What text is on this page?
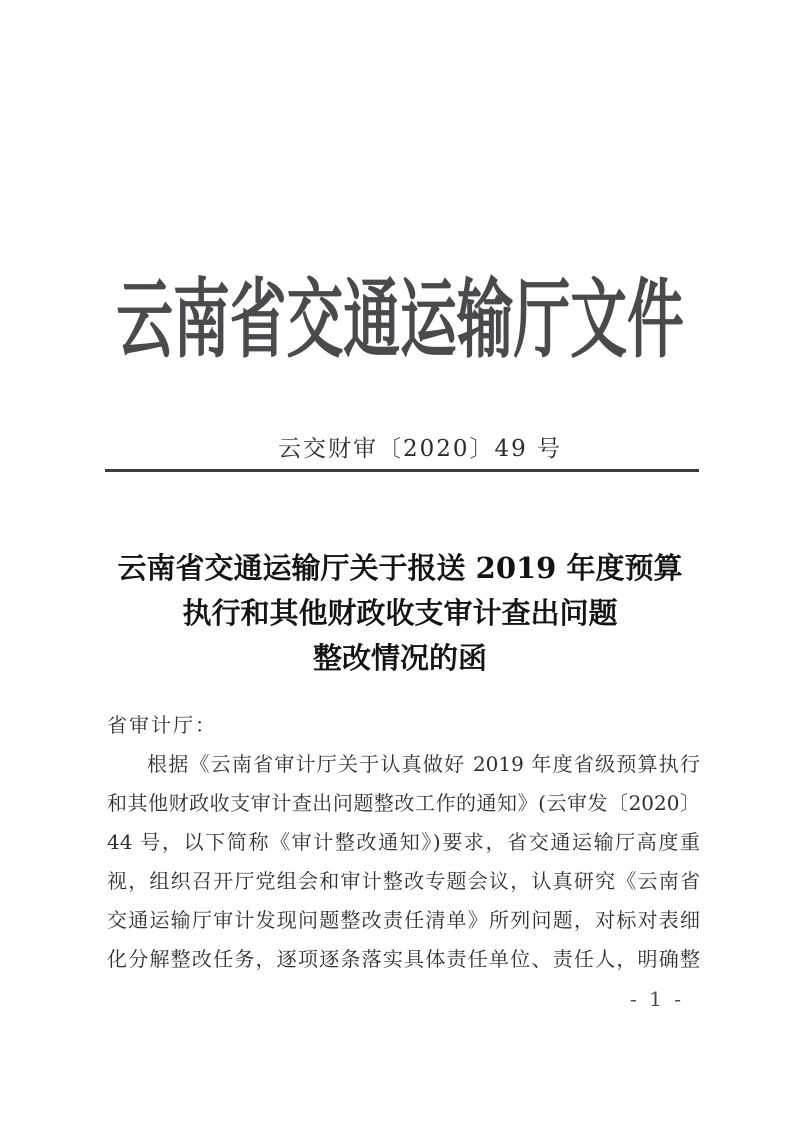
云南省交通运输厅文件
云交财审〔2020〕49 号
云南省交通运输厅关于报送 2019 年度预算
执行和其他财政收支审计查出问题
整改情况的函
省审计厅：
根据《云南省审计厅关于认真做好 2019 年度省级预算执行
和其他财政收支审计查出问题整改工作的通知》(云审发〔2020〕
44 号，以下简称《审计整改通知》)要求，省交通运输厅高度重
视，组织召开厅党组会和审计整改专题会议，认真研究《云南省
交通运输厅审计发现问题整改责任清单》所列问题，对标对表细
化分解整改任务，逐项逐条落实具体责任单位、责任人，明确整
- 1 -
